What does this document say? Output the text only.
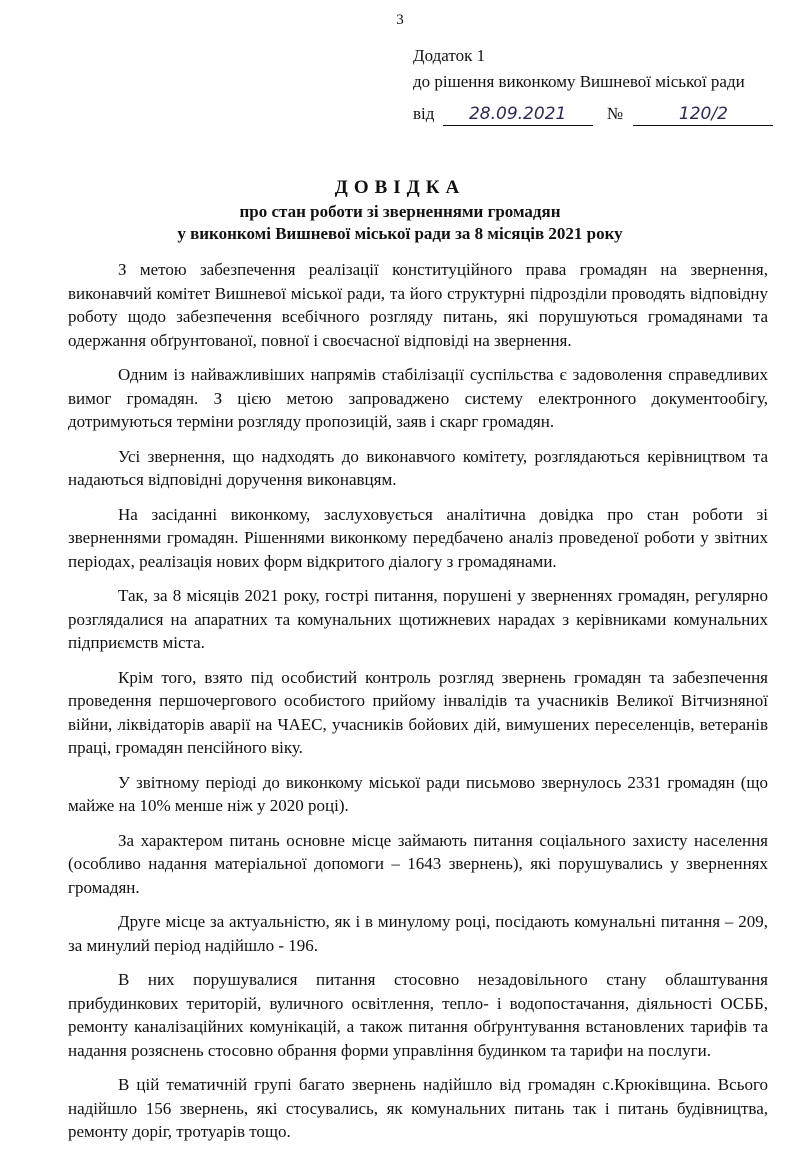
3
Додаток 1
до рішення виконкому Вишневої міської ради
від 28.09.2021 №	120/2
ДОВІДКА
про стан роботи зі зверненнями громадян
у виконкомі Вишневої міської ради за 8 місяців 2021 року

З метою забезпечення реалізації конституційного права громадян на звернення, виконавчий комітет Вишневої міської ради, та його структурні підрозділи проводять відповідну роботу щодо забезпечення всебічного розгляду питань, які порушуються громадянами та одержання обґрунтованої, повної і своєчасної відповіді на звернення.

Одним із найважливіших напрямів стабілізації суспільства є задоволення справедливих вимог громадян. З цією метою запроваджено систему електронного документообігу, дотримуються терміни розгляду пропозицій, заяв і скарг громадян.

Усі звернення, що надходять до виконавчого комітету, розглядаються керівництвом та надаються відповідні доручення виконавцям.

На засіданні виконкому, заслуховується аналітична довідка про стан роботи зі зверненнями громадян. Рішеннями виконкому передбачено аналіз проведеної роботи у звітних періодах, реалізація нових форм відкритого діалогу з громадянами.

Так, за 8 місяців 2021 року, гострі питання, порушені у зверненнях громадян, регулярно розглядалися на апаратних та комунальних щотижневих нарадах з керівниками комунальних підприємств міста.

Крім того, взято під особистий контроль розгляд звернень громадян та забезпечення проведення першочергового особистого прийому інвалідів та учасників Великої Вітчизняної війни, ліквідаторів аварії на ЧАЕС, учасників бойових дій, вимушених переселенців, ветеранів праці, громадян пенсійного віку.

У звітному періоді до виконкому міської ради письмово звернулось 2331 громадян (що майже на 10% менше ніж у 2020 році).

За характером питань основне місце займають питання соціального захисту населення (особливо надання матеріальної допомоги – 1643 звернень), які порушувались у зверненнях громадян.

Друге місце за актуальністю, як і в минулому році, посідають комунальні питання – 209, за минулий період надійшло - 196.

В них порушувалися питання стосовно незадовільного стану облаштування прибудинкових територій, вуличного освітлення, тепло- і водопостачання, діяльності ОСББ, ремонту каналізаційних комунікацій, а також питання обґрунтування встановлених тарифів та надання розяснень стосовно обрання форми управління будинком та тарифи на послуги.

В цій тематичній групі багато звернень надійшло від громадян с.Крюківщина. Всього надійшло 156 звернень, які стосувались, як комунальних питань так і питань будівництва, ремонту доріг, тротуарів тощо.
